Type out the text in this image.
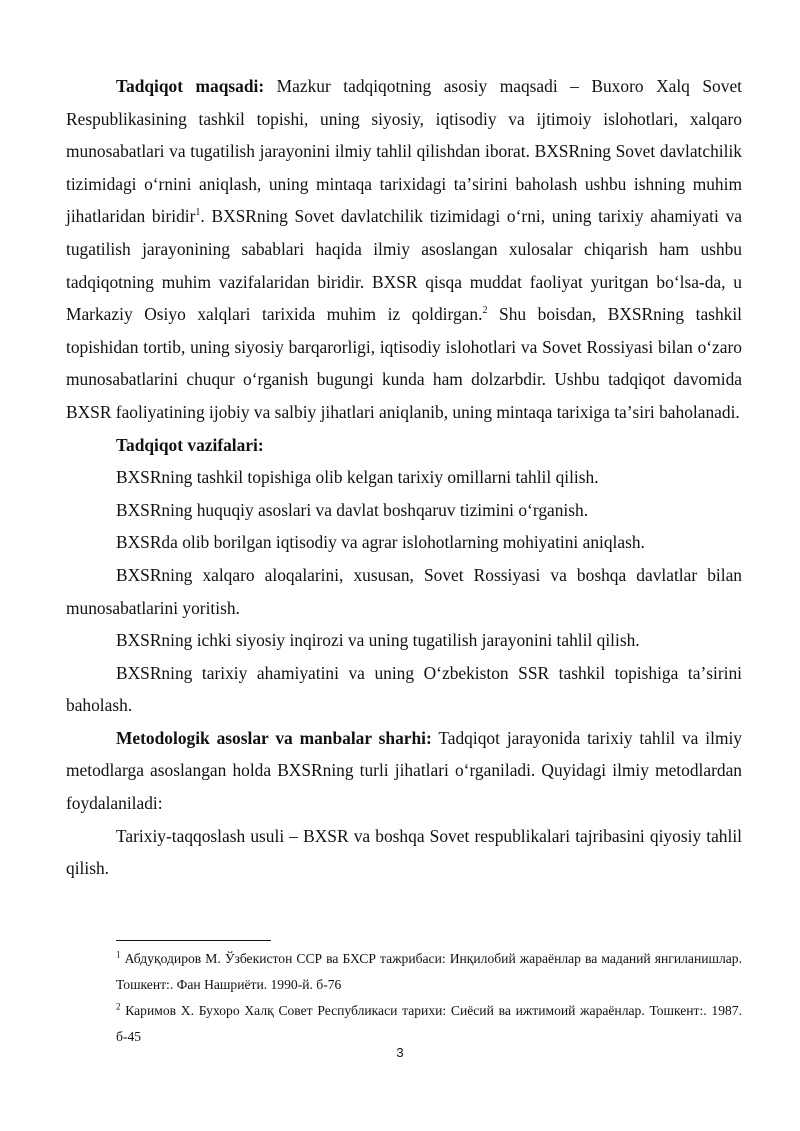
Tadqiqot maqsadi: Mazkur tadqiqotning asosiy maqsadi – Buxoro Xalq Sovet Respublikasining tashkil topishi, uning siyosiy, iqtisodiy va ijtimoiy islohotlari, xalqaro munosabatlari va tugatilish jarayonini ilmiy tahlil qilishdan iborat. BXSRning Sovet davlatchilik tizimidagi oʻrnini aniqlash, uning mintaqa tarixidagi taʼsirini baholash ushbu ishning muhim jihatlaridan biridir$^1$. BXSRning Sovet davlatchilik tizimidagi oʻrni, uning tarixiy ahamiyati va tugatilish jarayonining sabablari haqida ilmiy asoslangan xulosalar chiqarish ham ushbu tadqiqotning muhim vazifalaridan biridir. BXSR qisqa muddat faoliyat yuritgan boʻlsa-da, u Markaziy Osiyo xalqlari tarixida muhim iz qoldirgan.$^2$ Shu boisdan, BXSRning tashkil topishidan tortib, uning siyosiy barqarorligi, iqtisodiy islohotlari va Sovet Rossiyasi bilan oʻzaro munosabatlarini chuqur oʻrganish bugungi kunda ham dolzarbdir. Ushbu tadqiqot davomida BXSR faoliyatining ijobiy va salbiy jihatlari aniqlanib, uning mintaqa tarixiga taʼsiri baholanadi.

Tadqiqot vazifalari:

BXSRning tashkil topishiga olib kelgan tarixiy omillarni tahlil qilish.

BXSRning huquqiy asoslari va davlat boshqaruv tizimini oʻrganish.

BXSRda olib borilgan iqtisodiy va agrar islohotlarning mohiyatini aniqlash.

BXSRning xalqaro aloqalarini, xususan, Sovet Rossiyasi va boshqa davlatlar bilan munosabatlarini yoritish.

BXSRning ichki siyosiy inqirozi va uning tugatilish jarayonini tahlil qilish.

BXSRning tarixiy ahamiyatini va uning Oʻzbekiston SSR tashkil topishiga taʼsirini baholash.

Metodologik asoslar va manbalar sharhi: Tadqiqot jarayonida tarixiy tahlil va ilmiy metodlarga asoslangan holda BXSRning turli jihatlari oʻrganiladi. Quyidagi ilmiy metodlardan foydalaniladi:

Tarixiy-taqqoslash usuli – BXSR va boshqa Sovet respublikalari tajribasini qiyosiy tahlil qilish.

$^1$ Абдуқодиров М. Ўзбекистон ССР ва БХСР тажрибаси: Инқилобий жараёнлар ва маданий янгиланишлар. Тошкент:. Фан Нашриёти. 1990-й. б-76

$^2$ Каримов Х. Бухоро Халқ Совет Республикаси тарихи: Сиёсий ва ижтимоий жараёнлар. Тошкент:. 1987. б-45

3
